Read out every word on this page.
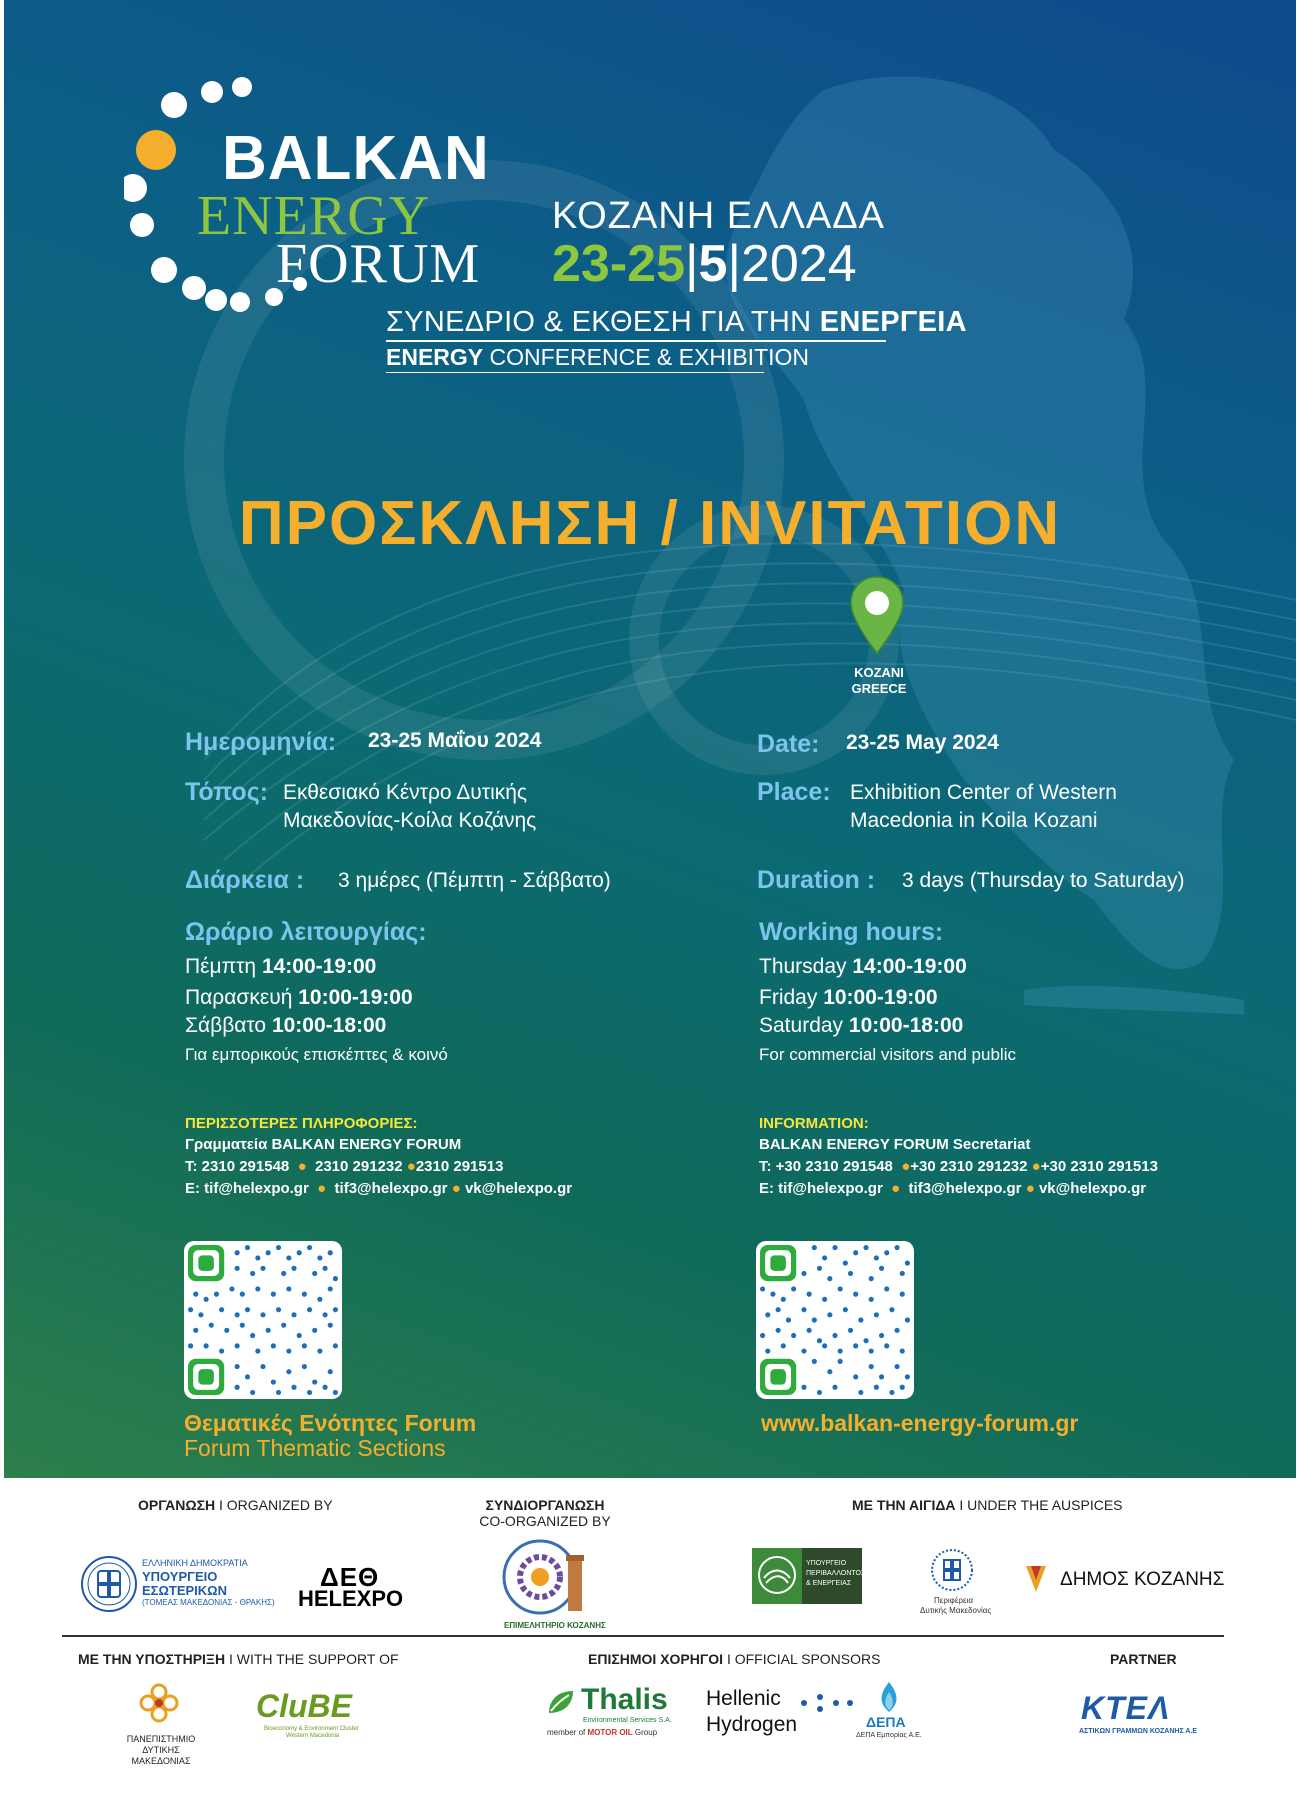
BALKAN
ENERGY
FORUM
ΚΟΖΑΝΗ ΕΛΛΑΔΑ
23-25|5|2024
ΣΥΝΕΔΡΙΟ & ΕΚΘΕΣΗ ΓΙΑ ΤΗΝ ΕΝΕΡΓΕΙΑ
ENERGY CONFERENCE & EXHIBITION
ΠΡΟΣΚΛΗΣΗ / INVITATION
KOZANI
GREECE
Ημερομηνία: 23-25 Μαΐου 2024
Τόπος: Εκθεσιακό Κέντρο Δυτικής
Μακεδονίας-Κοίλα Κοζάνης
Διάρκεια : 3 ημέρες (Πέμπτη - Σάββατο)
Ωράριο λειτουργίας:
Πέμπτη 14:00-19:00
Παρασκευή 10:00-19:00
Σάββατο 10:00-18:00
Για εμπορικούς επισκέπτες & κοινό
ΠΕΡΙΣΣΟΤΕΡΕΣ ΠΛΗΡΟΦΟΡΙΕΣ:
Γραμματεία BALKAN ENERGY FORUM
T: 2310 291548  ●  2310 291232 ●2310 291513
E: tif@helexpo.gr  ●  tif3@helexpo.gr ● vk@helexpo.gr
Θεματικές Ενότητες Forum
Forum Thematic Sections
Date: 23-25 May 2024
Place: Exhibition Center of Western
Macedonia in Koila Kozani
Duration : 3 days (Thursday to Saturday)
Working hours:
Thursday 14:00-19:00
Friday 10:00-19:00
Saturday 10:00-18:00
For commercial visitors and public
INFORMATION:
BALKAN ENERGY FORUM Secretariat
T: +30 2310 291548  ●+30 2310 291232 ●+30 2310 291513
E: tif@helexpo.gr  ●  tif3@helexpo.gr ● vk@helexpo.gr
www.balkan-energy-forum.gr
ΟΡΓΑΝΩΣΗ I ORGANIZED BY	ΣΥΝΔΙΟΡΓΑΝΩΣΗ
CO-ORGANIZED BY
ΜΕ ΤΗΝ ΑΙΓΙΔΑ I UNDER THE AUSPICES
ΕΛΛΗΝΙΚΗ ΔΗΜΟΚΡΑΤΙΑ
ΥΠΟΥΡΓΕΙΟ
ΕΣΩΤΕΡΙΚΩΝ
(ΤΟΜΕΑΣ ΜΑΚΕΔΟΝΙΑΣ - ΘΡΑΚΗΣ)
ΔΕΘ
HELEXPO
ΕΠΙΜΕΛΗΤΗΡΙΟ ΚΟΖΑΝΗΣ
ΥΠΟΥΡΓΕΙΟ
ΠΕΡΙΒΑΛΛΟΝΤΟΣ
& ΕΝΕΡΓΕΙΑΣ
Περιφέρεια
Δυτικής Μακεδονίας
ΔΗΜΟΣ ΚΟΖΑΝΗΣ
ΜΕ ΤΗΝ ΥΠΟΣΤΗΡΙΞΗ I WITH THE SUPPORT OF	ΕΠΙΣΗΜΟΙ ΧΟΡΗΓΟΙ I OFFICIAL SPONSORS	PARTNER
ΠΑΝΕΠΙΣΤΗΜΙΟ
ΔΥΤΙΚΗΣ
ΜΑΚΕΔΟΝΙΑΣ
CluBE
Bioeconomy & Environment Cluster
Western Macedonia
Thalis
Environmental Services S.A.
member of MOTOR OIL Group
Hellenic
Hydrogen	ΔΕΠΑ
ΔΕΠΑ Εμπορίας Α.Ε.
ΚΤΕΛ
ΑΣΤΙΚΩΝ ΓΡΑΜΜΩΝ ΚΟΖΑΝΗΣ Α.Ε
